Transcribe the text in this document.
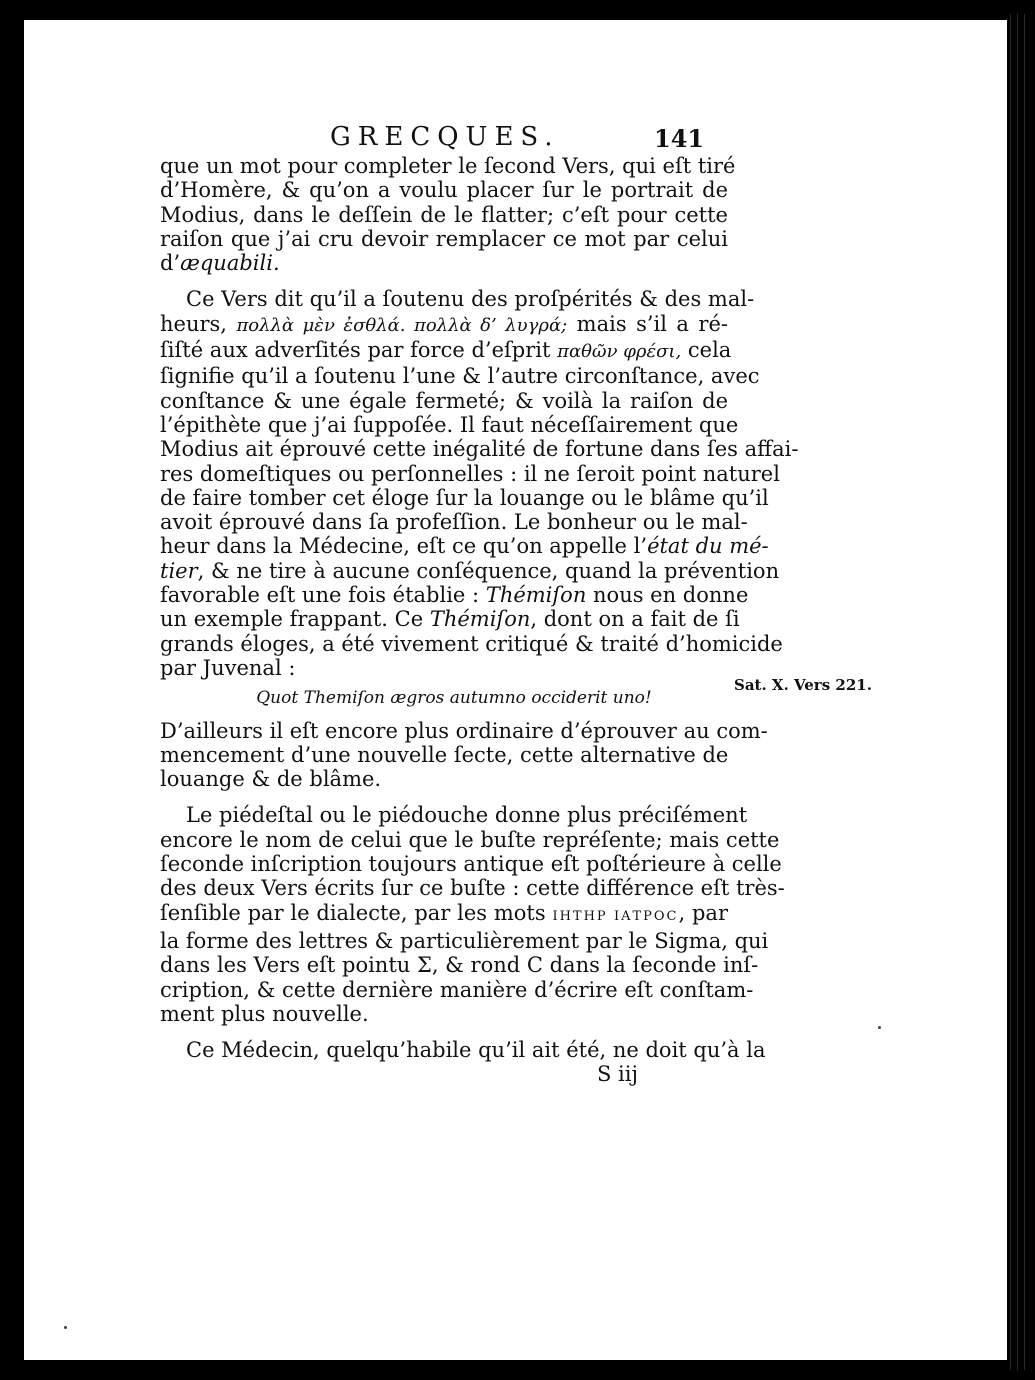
GRECQUES.	141
que un mot pour completer le ſecond Vers, qui eſt tiré
d’Homère, & qu’on a voulu placer ſur le portrait de
Modius, dans le deſſein de le flatter; c’eſt pour cette
raiſon que j’ai cru devoir remplacer ce mot par celui
d’æquabili.
Ce Vers dit qu’il a ſoutenu des proſpérités & des mal-
heurs, πολλὰ μὲν ἐσθλά. πολλὰ δ’ λυγρά; mais s’il a ré-
ſiſté aux adverſités par force d’eſprit παθῶν φρέσι, cela
ſignifie qu’il a ſoutenu l’une & l’autre circonſtance, avec
conſtance & une égale fermeté; & voilà la raiſon de
l’épithète que j’ai ſuppoſée. Il faut néceſſairement que
Modius ait éprouvé cette inégalité de fortune dans ſes affai-
res domeſtiques ou perſonnelles : il ne ſeroit point naturel
de faire tomber cet éloge ſur la louange ou le blâme qu’il
avoit éprouvé dans ſa profeſſion. Le bonheur ou le mal-
heur dans la Médecine, eſt ce qu’on appelle l’état du mé-
tier, & ne tire à aucune conſéquence, quand la prévention
favorable eſt une fois établie : Thémiſon nous en donne
un exemple frappant. Ce Thémiſon, dont on a fait de ſi
grands éloges, a été vivement critiqué & traité d’homicide
par Juvenal :
Quot Themiſon ægros autumno occiderit uno!
D’ailleurs il eſt encore plus ordinaire d’éprouver au com-
mencement d’une nouvelle ſecte, cette alternative de
louange & de blâme.
Le piédeſtal ou le piédouche donne plus préciſément
encore le nom de celui que le buſte repréſente; mais cette
ſeconde inſcription toujours antique eſt poſtérieure à celle
des deux Vers écrits ſur ce buſte : cette différence eſt très-
ſenſible par le dialecte, par les mots ΙΗΤΗΡ ΙΑΤΡΟϹ, par
la forme des lettres & particulièrement par le Sigma, qui
dans les Vers eſt pointu Σ, & rond C dans la ſeconde inſ-
cription, & cette dernière manière d’écrire eſt conſtam-
ment plus nouvelle.
Ce Médecin, quelqu’habile qu’il ait été, ne doit qu’à la
S iij
Sat. X. Vers 221.
